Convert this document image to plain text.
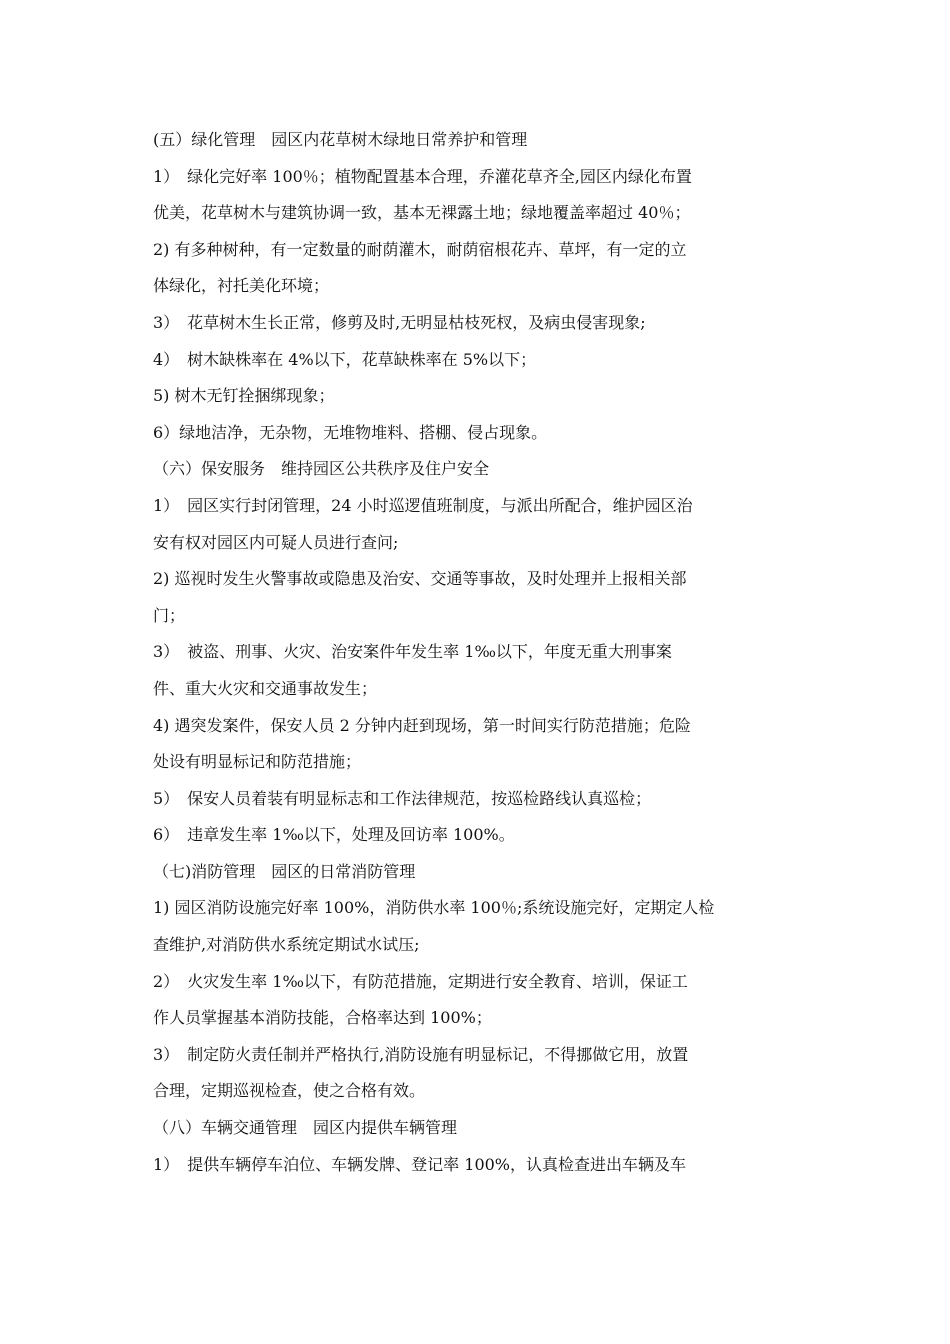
(五）绿化管理　园区内花草树木绿地日常养护和管理
1）　绿化完好率 100％；植物配置基本合理，乔灌花草齐全,园区内绿化布置
优美，花草树木与建筑协调一致，基本无裸露土地；绿地覆盖率超过 40％；
2) 有多种树种，有一定数量的耐荫灌木，耐荫宿根花卉、草坪，有一定的立
体绿化，衬托美化环境；
3）　花草树木生长正常，修剪及时,无明显枯枝死杈，及病虫侵害现象;
4）　树木缺株率在 4%以下，花草缺株率在 5%以下；
5) 树木无钉拴捆绑现象；
6）绿地洁净，无杂物，无堆物堆料、搭棚、侵占现象。
（六）保安服务　维持园区公共秩序及住户安全
1）　园区实行封闭管理，24 小时巡逻值班制度，与派出所配合，维护园区治
安有权对园区内可疑人员进行查问;
2) 巡视时发生火警事故或隐患及治安、交通等事故，及时处理并上报相关部
门；
3）　被盗、刑事、火灾、治安案件年发生率 1‰以下，年度无重大刑事案
件、重大火灾和交通事故发生；
4) 遇突发案件，保安人员 2 分钟内赶到现场，第一时间实行防范措施；危险
处设有明显标记和防范措施；
5）　保安人员着装有明显标志和工作法律规范，按巡检路线认真巡检；
6）　违章发生率 1‰以下，处理及回访率 100%。
（七)消防管理　园区的日常消防管理
1) 园区消防设施完好率 100%，消防供水率 100％;系统设施完好，定期定人检
查维护,对消防供水系统定期试水试压;
2）　火灾发生率 1‰以下，有防范措施，定期进行安全教育、培训，保证工
作人员掌握基本消防技能，合格率达到 100%；
3）　制定防火责任制并严格执行,消防设施有明显标记，不得挪做它用，放置
合理，定期巡视检查，使之合格有效。
（八）车辆交通管理　园区内提供车辆管理
1）　提供车辆停车泊位、车辆发牌、登记率 100%，认真检查进出车辆及车
